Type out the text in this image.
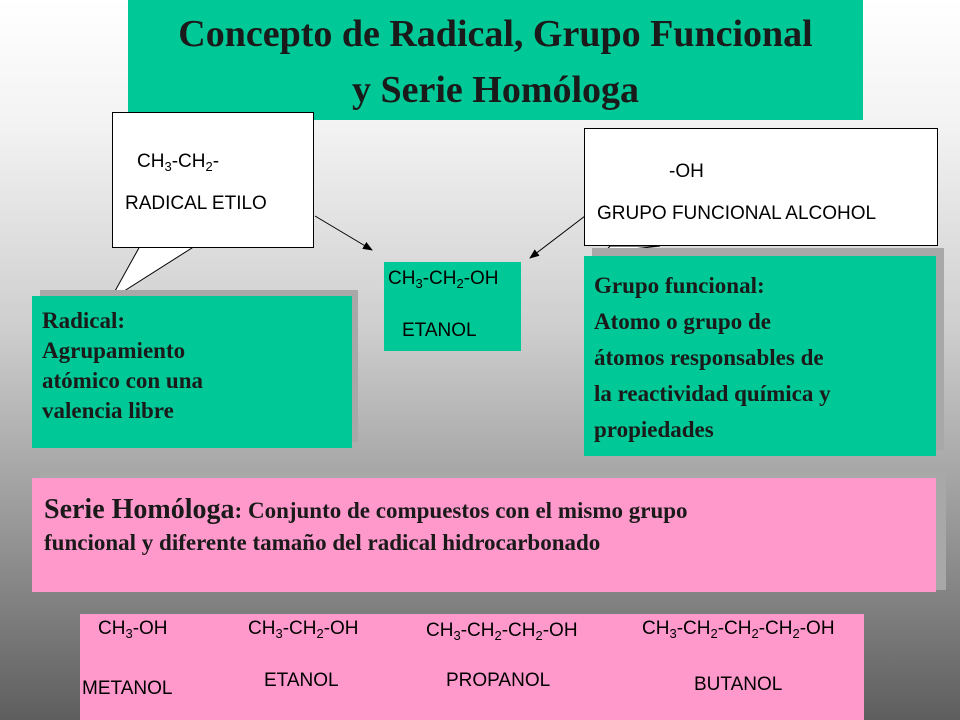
Concepto de Radical, Grupo Funcional
y Serie Homóloga
$CH_3-CH_2-$
RADICAL ETILO
-OH
GRUPO FUNCIONAL ALCOHOL
$CH_3-CH_2-OH$
ETANOL
Radical:
Agrupamiento
atómico con una
valencia libre
Grupo funcional:
Atomo o grupo de
átomos responsables de
la reactividad química y
propiedades
Serie Homóloga: Conjunto de compuestos con el mismo grupo
funcional y diferente tamaño del radical hidrocarbonado
$CH_3-OH$
METANOL
$CH_3-CH_2-OH$
ETANOL
$CH_3-CH_2-CH_2-OH$
PROPANOL
$CH_3-CH_2-CH_2-CH_2-OH$
BUTANOL
